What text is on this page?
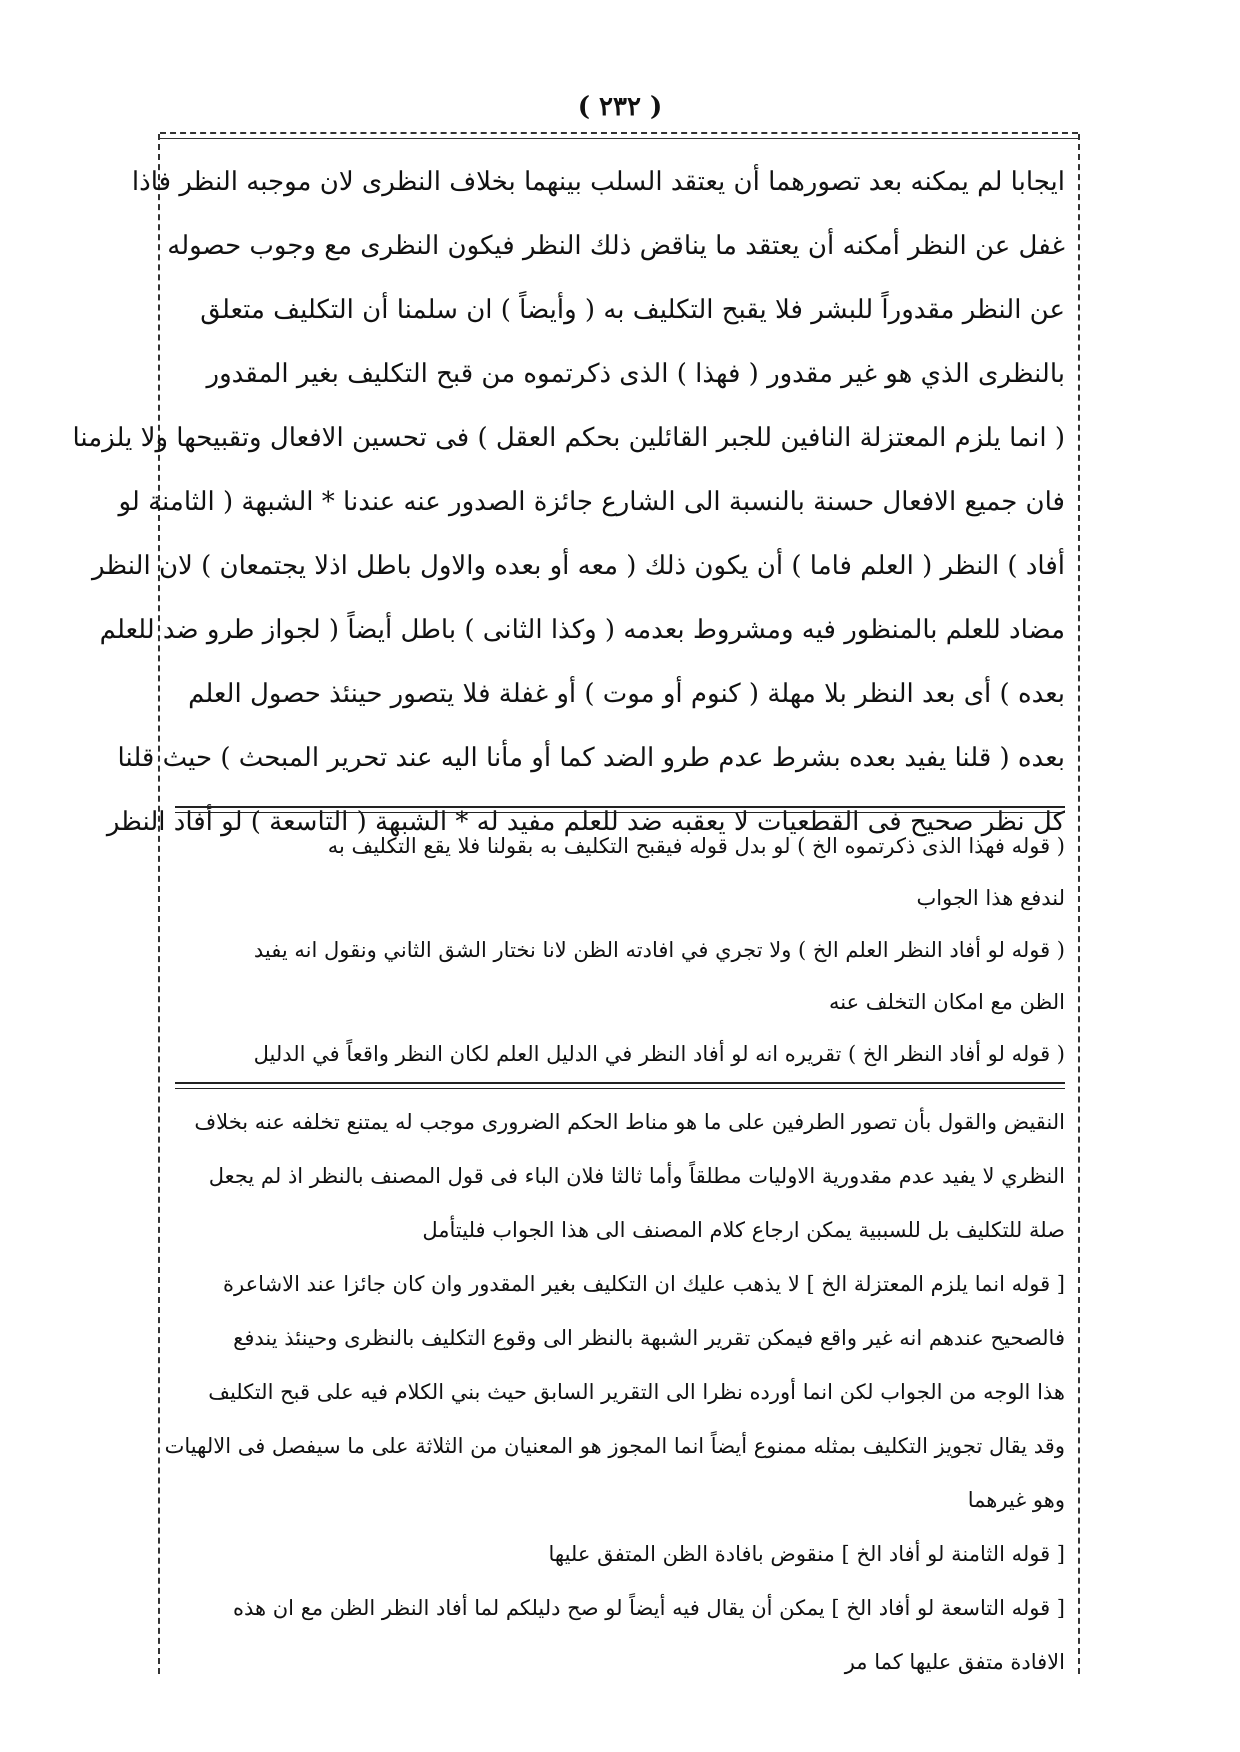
( ٢٣٢ )
ايجابا لم يمكنه بعد تصورهما أن يعتقد السلب بينهما بخلاف النظرى لان موجبه النظر فاذا
غفل عن النظر أمكنه أن يعتقد ما يناقض ذلك النظر فيكون النظرى مع وجوب حصوله
عن النظر مقدوراً للبشر فلا يقبح التكليف به ( وأيضاً ) ان سلمنا أن التكليف متعلق
بالنظرى الذي هو غير مقدور ( فهذا ) الذى ذكرتموه من قبح التكليف بغير المقدور
( انما يلزم المعتزلة النافين للجبر القائلين بحكم العقل ) فى تحسين الافعال وتقبيحها ولا يلزمنا
فان جميع الافعال حسنة بالنسبة الى الشارع جائزة الصدور عنه عندنا * الشبهة ( الثامنة لو
أفاد ) النظر ( العلم فاما ) أن يكون ذلك ( معه أو بعده والاول باطل اذلا يجتمعان ) لان النظر
مضاد للعلم بالمنظور فيه ومشروط بعدمه ( وكذا الثانى ) باطل أيضاً ( لجواز طرو ضد للعلم
بعده ) أى بعد النظر بلا مهلة ( كنوم أو موت ) أو غفلة فلا يتصور حينئذ حصول العلم
بعده ( قلنا يفيد بعده بشرط عدم طرو الضد كما أو مأنا اليه عند تحرير المبحث ) حيث قلنا
كل نظر صحيح فى القطعيات لا يعقبه ضد للعلم مفيد له * الشبهة ( التاسعة ) لو أفاد النظر
( قوله فهذا الذى ذكرتموه الخ ) لو بدل قوله فيقبح التكليف به بقولنا فلا يقع التكليف به
لندفع هذا الجواب
( قوله لو أفاد النظر العلم الخ ) ولا تجري في افادته الظن لانا نختار الشق الثاني ونقول انه يفيد
الظن مع امكان التخلف عنه
( قوله لو أفاد النظر الخ ) تقريره انه لو أفاد النظر في الدليل العلم لكان النظر واقعاً في الدليل
النقيض والقول بأن تصور الطرفين على ما هو مناط الحكم الضرورى موجب له يمتنع تخلفه عنه بخلاف
النظري لا يفيد عدم مقدورية الاوليات مطلقاً وأما ثالثا فلان الباء فى قول المصنف بالنظر اذ لم يجعل
صلة للتكليف بل للسببية يمكن ارجاع كلام المصنف الى هذا الجواب فليتأمل
[ قوله انما يلزم المعتزلة الخ ] لا يذهب عليك ان التكليف بغير المقدور وان كان جائزا عند الاشاعرة
فالصحيح عندهم انه غير واقع فيمكن تقرير الشبهة بالنظر الى وقوع التكليف بالنظرى وحينئذ يندفع
هذا الوجه من الجواب لكن انما أورده نظرا الى التقرير السابق حيث بني الكلام فيه على قبح التكليف
وقد يقال تجويز التكليف بمثله ممنوع أيضاً انما المجوز هو المعنيان من الثلاثة على ما سيفصل فى الالهيات
وهو غيرهما
[ قوله الثامنة لو أفاد الخ ] منقوض بافادة الظن المتفق عليها
[ قوله التاسعة لو أفاد الخ ] يمكن أن يقال فيه أيضاً لو صح دليلكم لما أفاد النظر الظن مع ان هذه
الافادة متفق عليها كما مر
